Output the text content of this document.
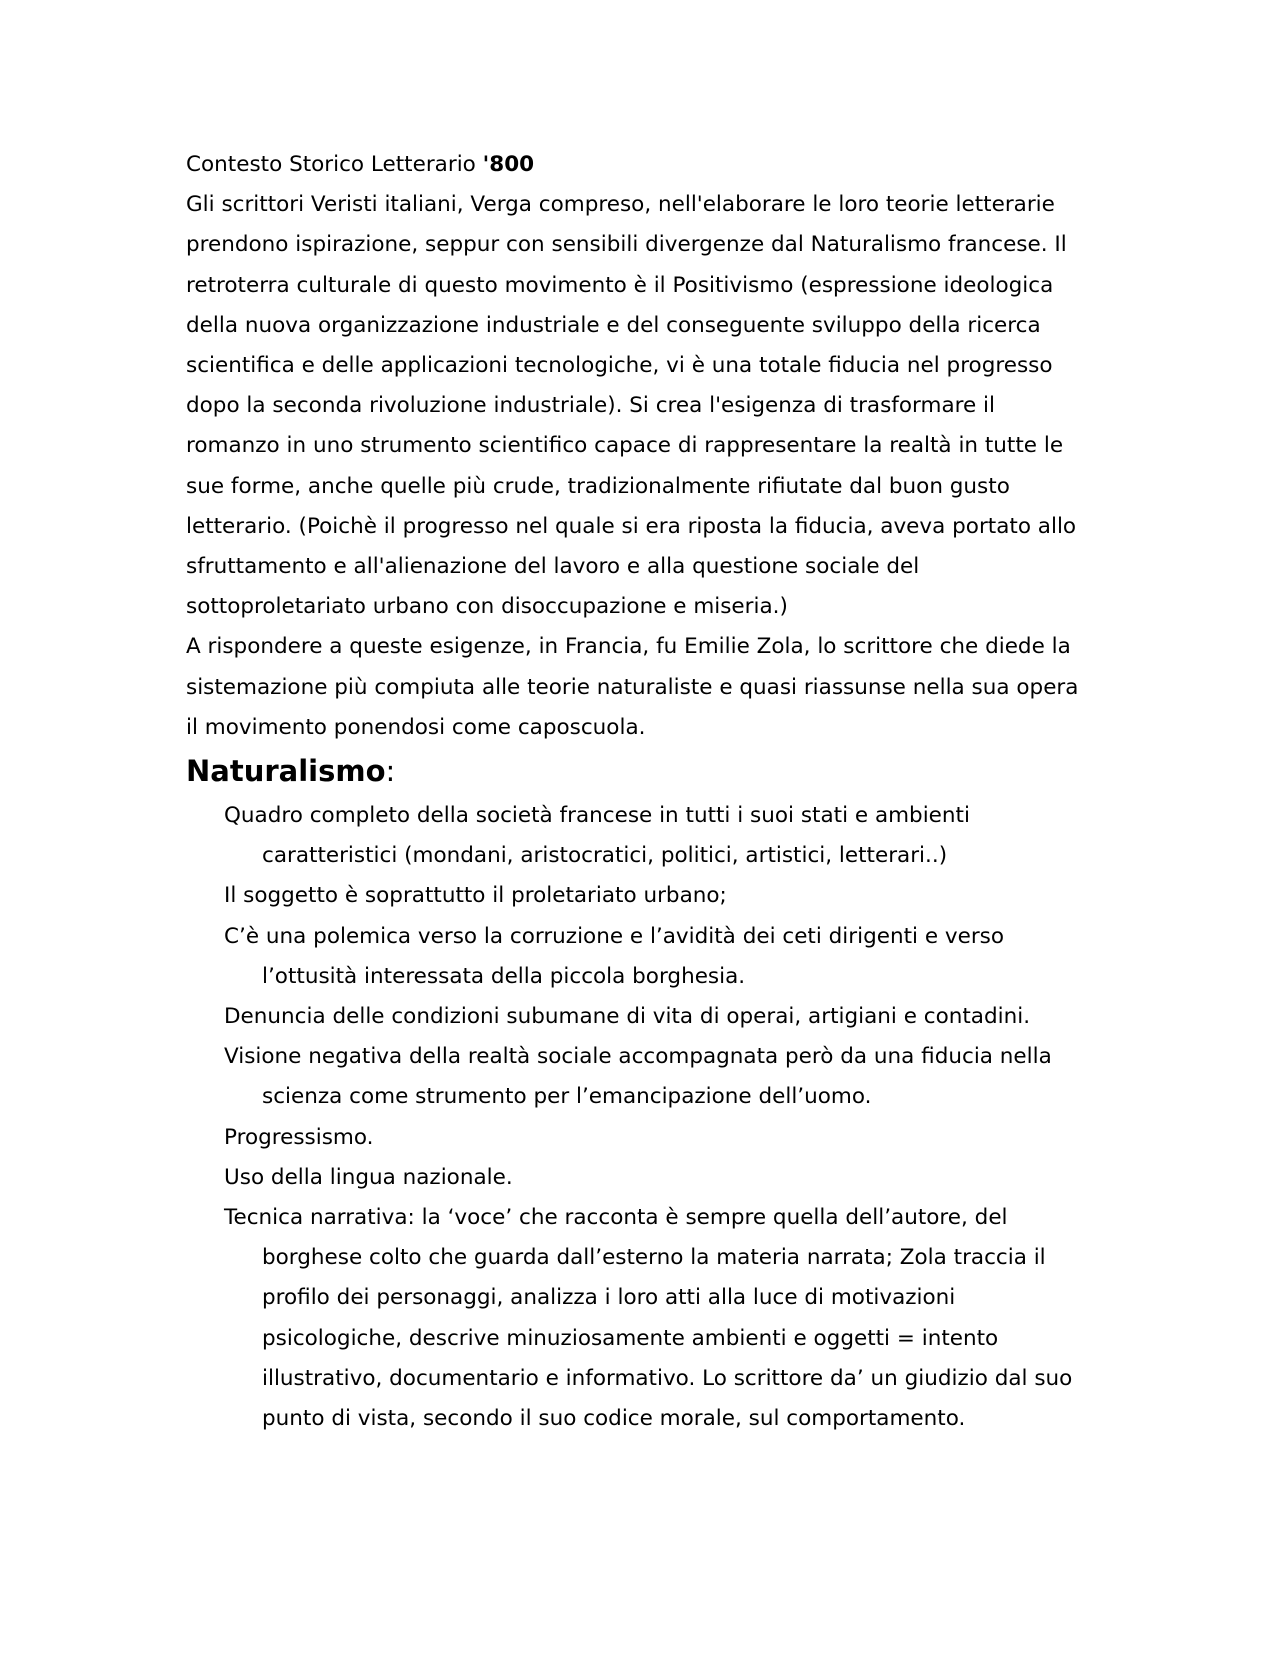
Contesto Storico Letterario '800

Gli scrittori Veristi italiani, Verga compreso, nell'elaborare le loro teorie letterarie prendono ispirazione, seppur con sensibili divergenze dal Naturalismo francese. Il retroterra culturale di questo movimento è il Positivismo (espressione ideologica della nuova organizzazione industriale e del conseguente sviluppo della ricerca scientifica e delle applicazioni tecnologiche, vi è una totale fiducia nel progresso dopo la seconda rivoluzione industriale). Si crea l'esigenza di trasformare il romanzo in uno strumento scientifico capace di rappresentare la realtà in tutte le sue forme, anche quelle più crude, tradizionalmente rifiutate dal buon gusto letterario. (Poichè il progresso nel quale si era riposta la fiducia, aveva portato allo sfruttamento e all'alienazione del lavoro e alla questione sociale del sottoproletariato urbano con disoccupazione e miseria.)

A rispondere a queste esigenze, in Francia, fu Emilie Zola, lo scrittore che diede la sistemazione più compiuta alle teorie naturaliste e quasi riassunse nella sua opera il movimento ponendosi come caposcuola.

Naturalismo:
Quadro completo della società francese in tutti i suoi stati e ambienti caratteristici (mondani, aristocratici, politici, artistici, letterari..)
Il soggetto è soprattutto il proletariato urbano;
C’è una polemica verso la corruzione e l’avidità dei ceti dirigenti e verso l’ottusità interessata della piccola borghesia.
Denuncia delle condizioni subumane di vita di operai, artigiani e contadini.
Visione negativa della realtà sociale accompagnata però da una fiducia nella scienza come strumento per l’emancipazione dell’uomo.
Progressismo.
Uso della lingua nazionale.
Tecnica narrativa: la ‘voce’ che racconta è sempre quella dell’autore, del borghese colto che guarda dall’esterno la materia narrata; Zola traccia il profilo dei personaggi, analizza i loro atti alla luce di motivazioni psicologiche, descrive minuziosamente ambienti e oggetti = intento illustrativo, documentario e informativo. Lo scrittore da’ un giudizio dal suo punto di vista, secondo il suo codice morale, sul comportamento.
